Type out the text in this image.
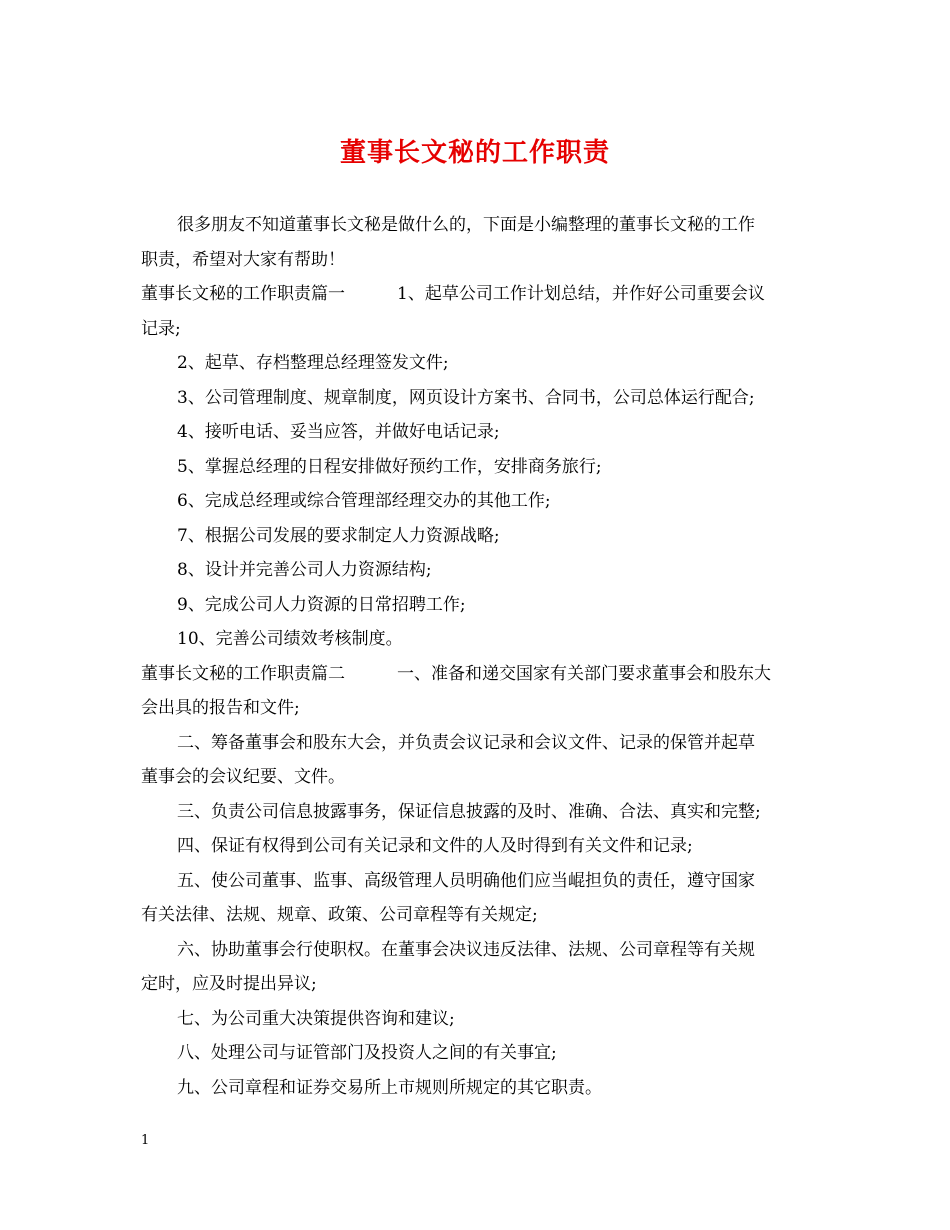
董事长文秘的工作职责
很多朋友不知道董事长文秘是做什么的，下面是小编整理的董事长文秘的工作
职责，希望对大家有帮助！
董事长文秘的工作职责篇一	1、起草公司工作计划总结，并作好公司重要会议
记录;
2、起草、存档整理总经理签发文件;
3、公司管理制度、规章制度，网页设计方案书、合同书，公司总体运行配合;
4、接听电话、妥当应答，并做好电话记录;
5、掌握总经理的日程安排做好预约工作，安排商务旅行;
6、完成总经理或综合管理部经理交办的其他工作;
7、根据公司发展的要求制定人力资源战略;
8、设计并完善公司人力资源结构;
9、完成公司人力资源的日常招聘工作;
10、完善公司绩效考核制度。
董事长文秘的工作职责篇二	一、准备和递交国家有关部门要求董事会和股东大
会出具的报告和文件;
二、筹备董事会和股东大会，并负责会议记录和会议文件、记录的保管并起草
董事会的会议纪要、文件。
三、负责公司信息披露事务，保证信息披露的及时、准确、合法、真实和完整;
四、保证有权得到公司有关记录和文件的人及时得到有关文件和记录;
五、使公司董事、监事、高级管理人员明确他们应当崐担负的责任，遵守国家
有关法律、法规、规章、政策、公司章程等有关规定;
六、协助董事会行使职权。在董事会决议违反法律、法规、公司章程等有关规
定时，应及时提出异议;
七、为公司重大决策提供咨询和建议;
八、处理公司与证管部门及投资人之间的有关事宜;
九、公司章程和证券交易所上市规则所规定的其它职责。
1
